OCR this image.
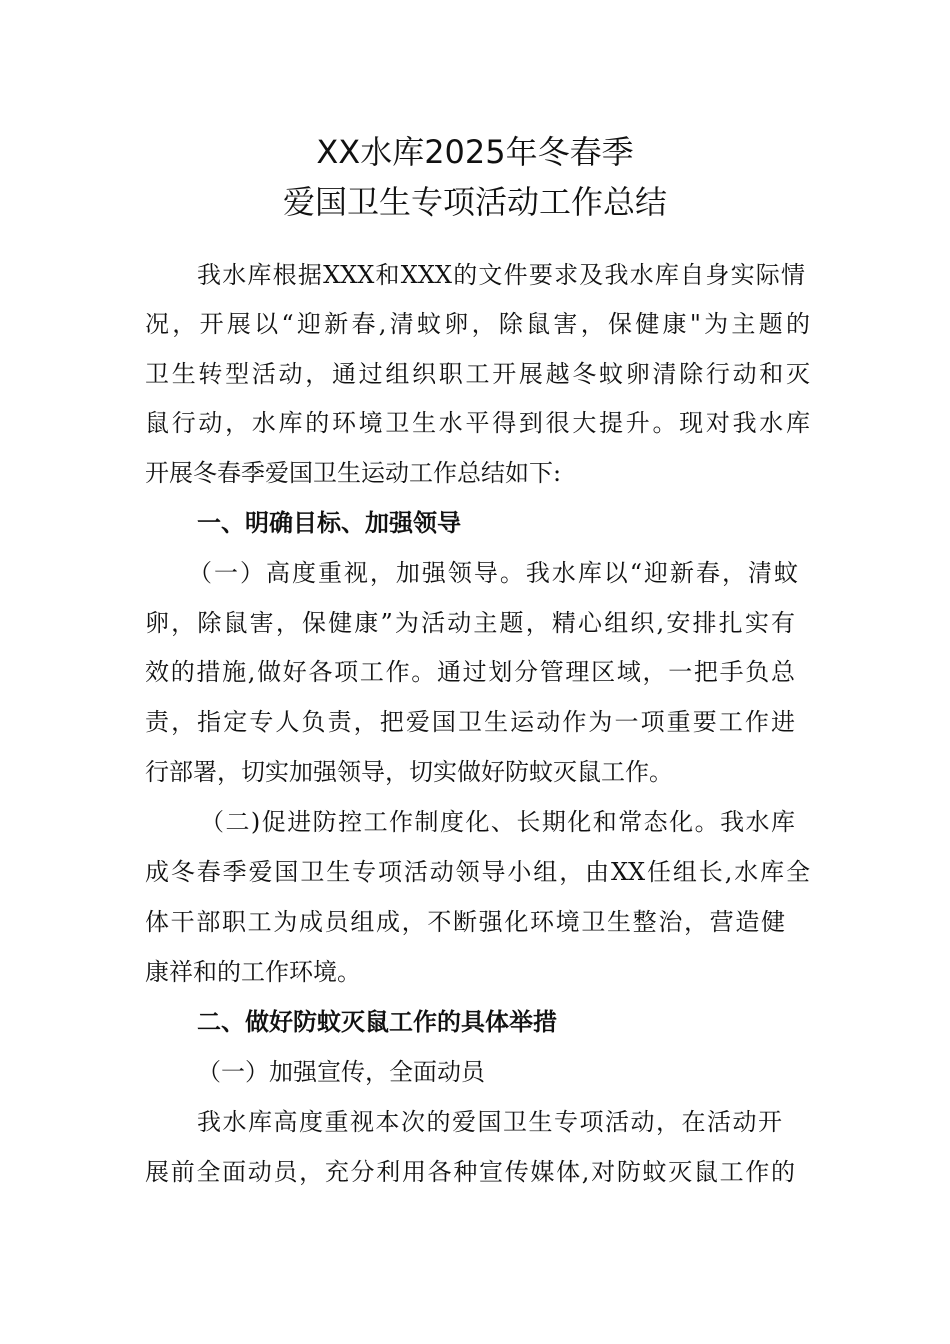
XX水库2025年冬春季
爱国卫生专项活动工作总结
我水库根据XXX和XXX的文件要求及我水库自身实际情
况，开展以“迎新春,清蚊卵，除鼠害，保健康"为主题的
卫生转型活动，通过组织职工开展越冬蚊卵清除行动和灭
鼠行动，水库的环境卫生水平得到很大提升。现对我水库
开展冬春季爱国卫生运动工作总结如下:
一、明确目标、加强领导
（一）高度重视，加强领导。我水库以“迎新春，清蚊
卵，除鼠害，保健康”为活动主题，精心组织,安排扎实有
效的措施,做好各项工作。通过划分管理区域，一把手负总
责，指定专人负责，把爱国卫生运动作为一项重要工作进
行部署，切实加强领导，切实做好防蚊灭鼠工作。
（二)促进防控工作制度化、长期化和常态化。我水库
成冬春季爱国卫生专项活动领导小组，由XX任组长,水库全
体干部职工为成员组成，不断强化环境卫生整治，营造健
康祥和的工作环境。
二、做好防蚊灭鼠工作的具体举措
（一）加强宣传，全面动员
我水库高度重视本次的爱国卫生专项活动，在活动开
展前全面动员，充分利用各种宣传媒体,对防蚊灭鼠工作的
